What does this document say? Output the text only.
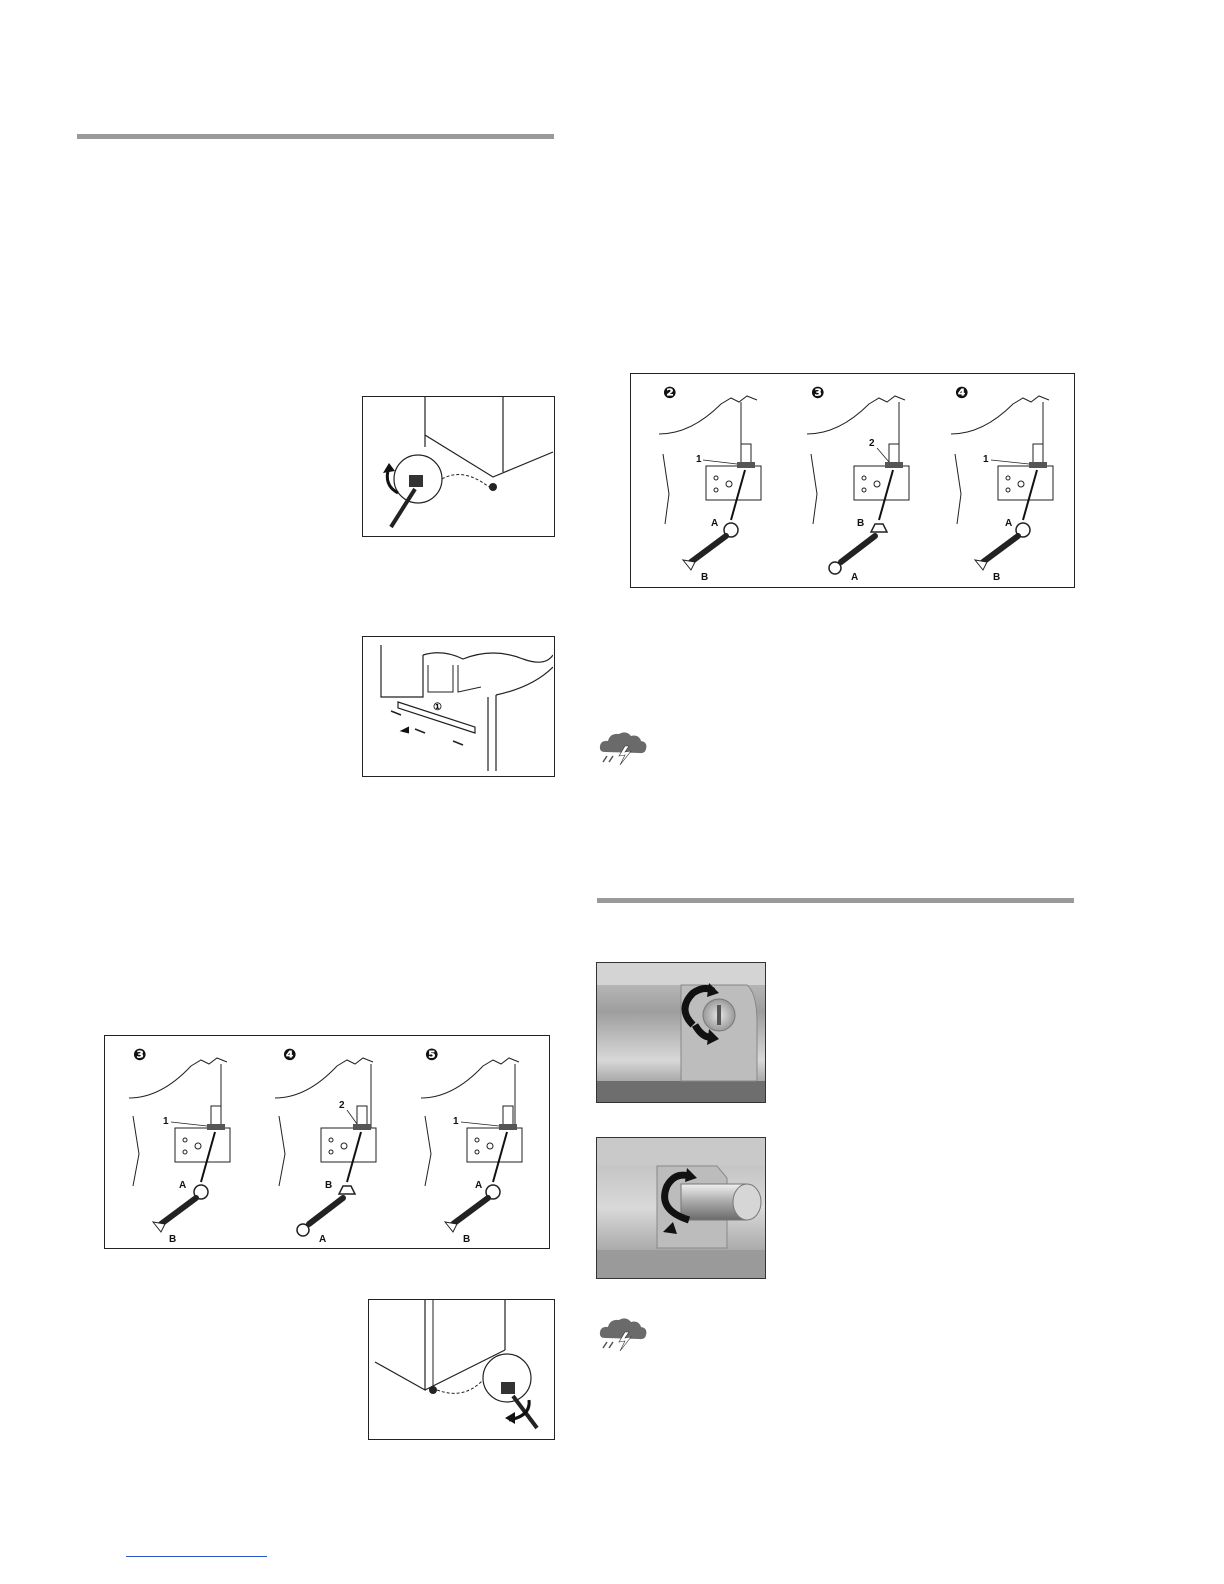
①
❷
1
A
B
❸
2
B
A
❹
1
A
B
❸
1
A
B
❹
2
B
A
❺
1
A
B
